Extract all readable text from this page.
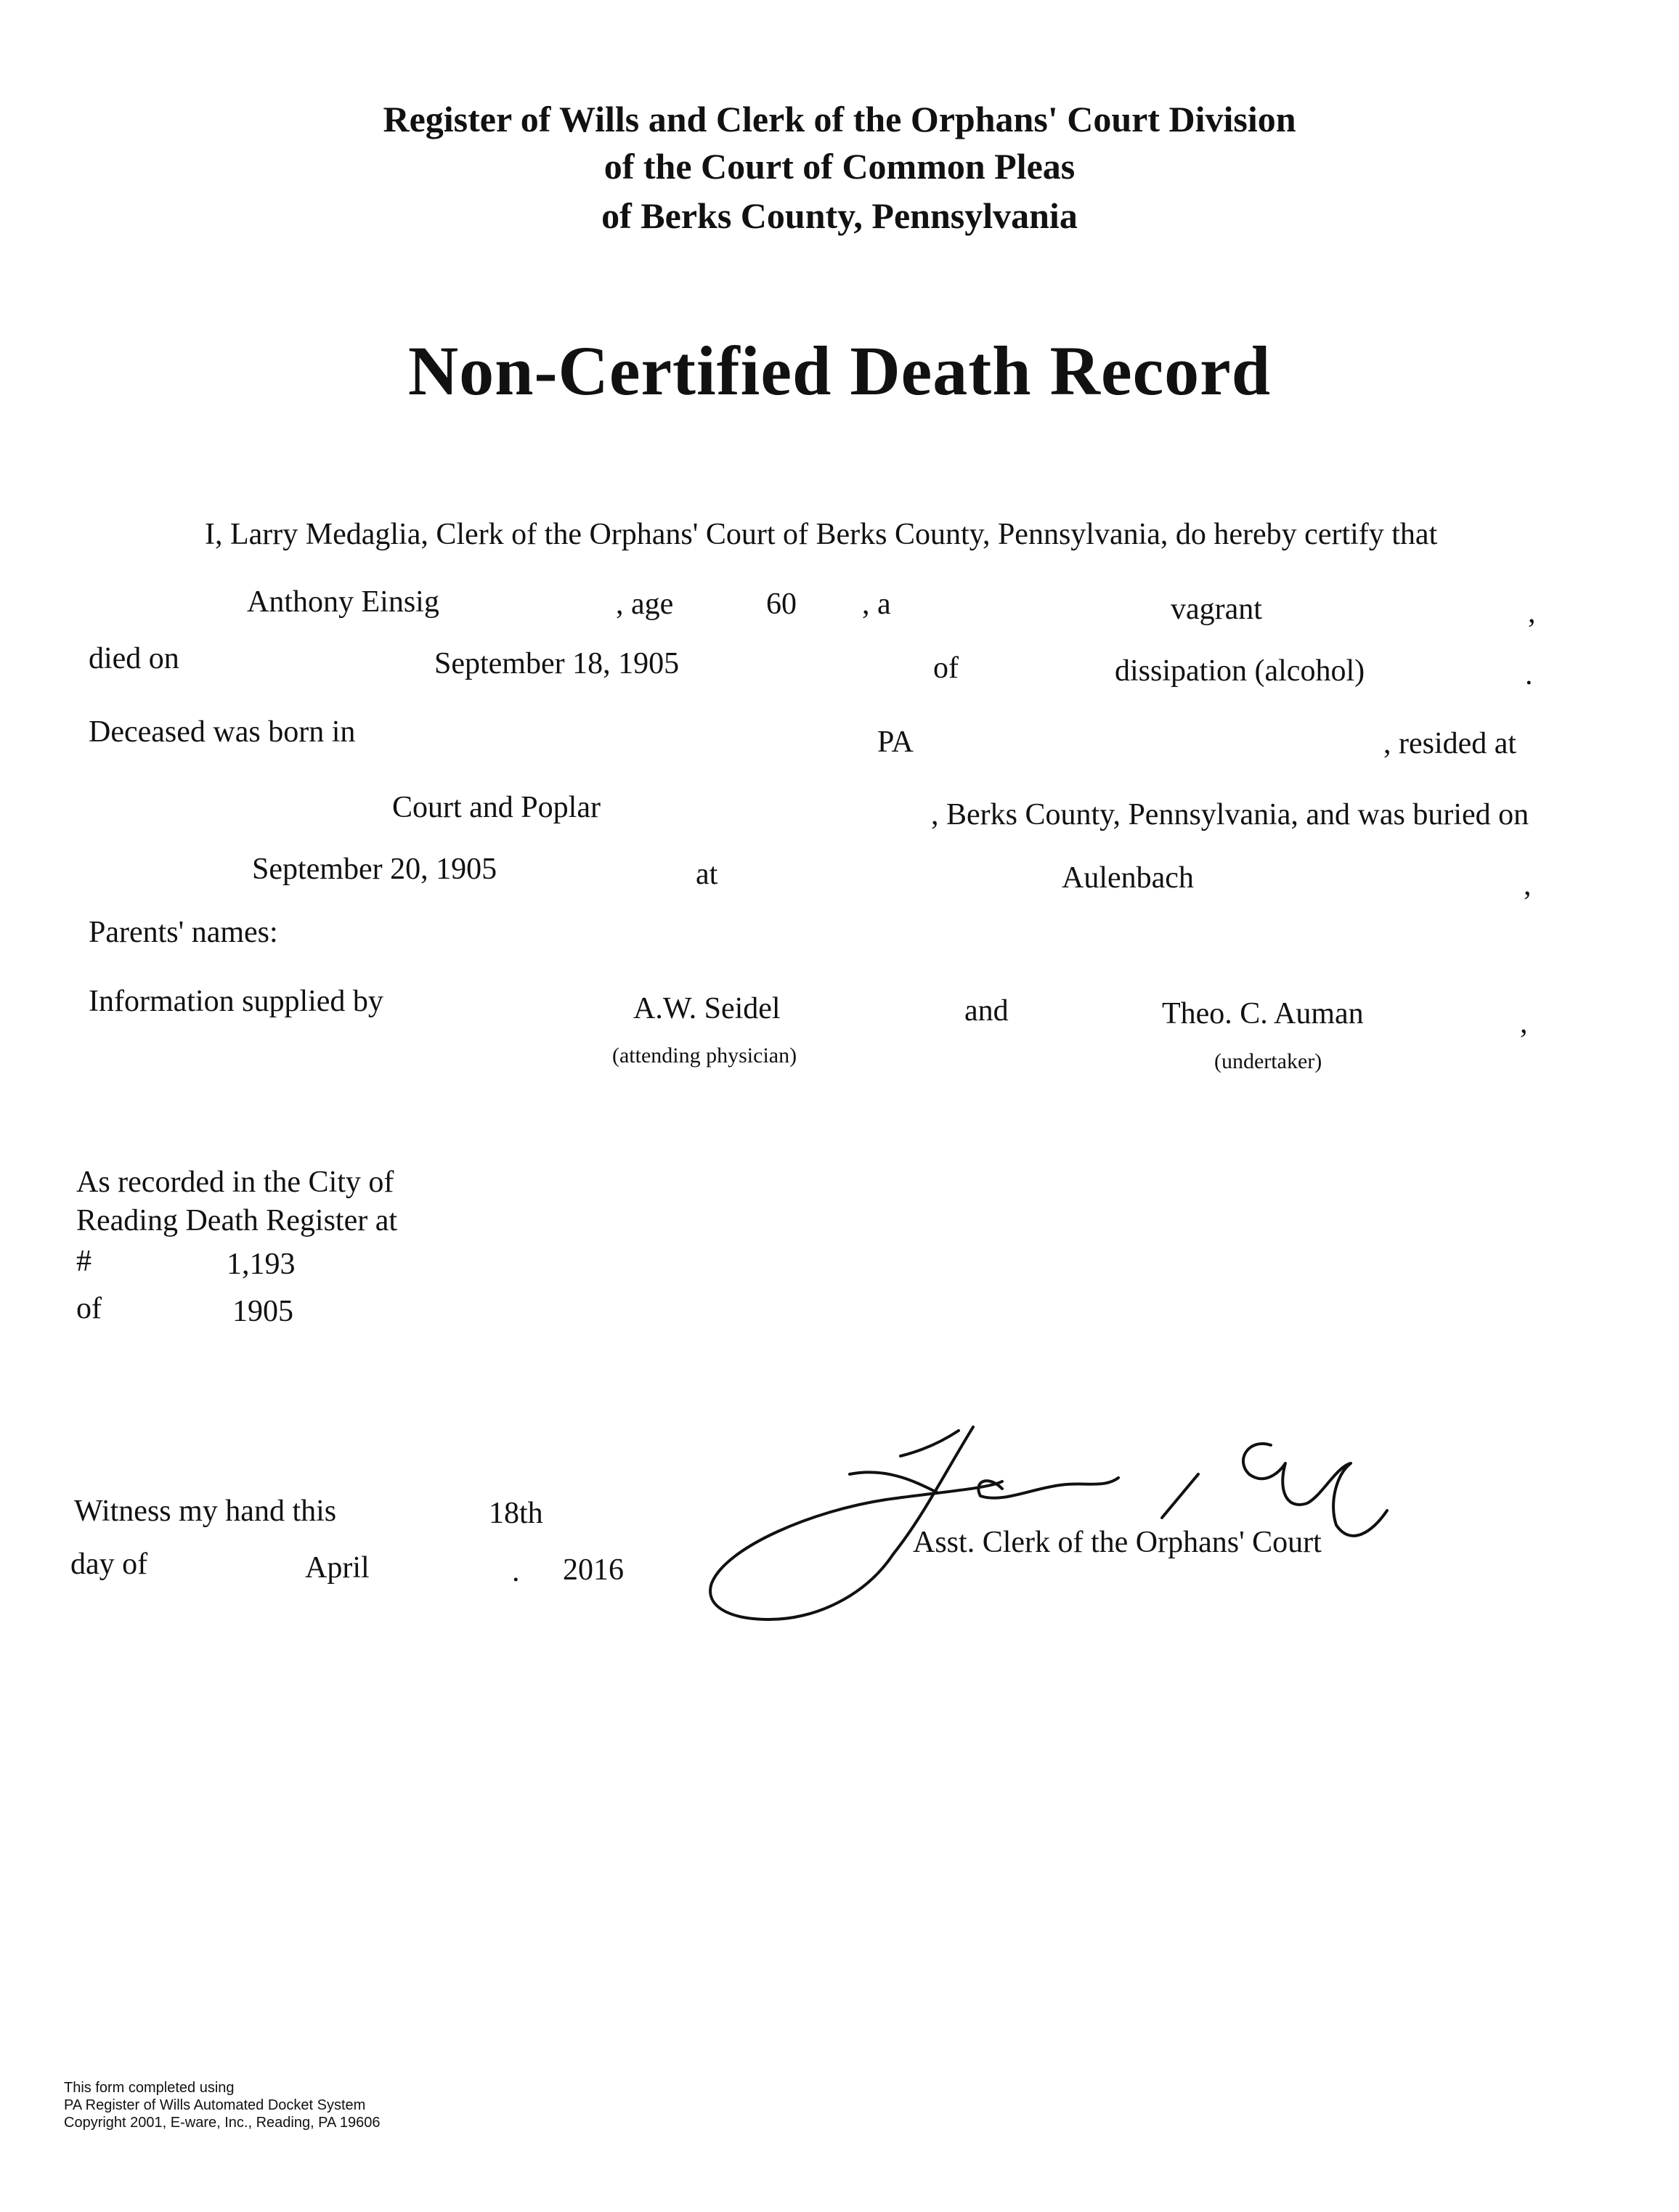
Register of Wills and Clerk of the Orphans' Court Division
of the Court of Common Pleas
of Berks County, Pennsylvania
Non-Certified Death Record
I, Larry Medaglia, Clerk of the Orphans' Court of Berks County, Pennsylvania, do hereby certify that
Anthony Einsig	, age	60 , a	vagrant	,
died on	September 18, 1905	of	dissipation (alcohol)	.
Deceased was born in	PA	, resided at
Court and Poplar	, Berks County, Pennsylvania, and was buried on
September 20, 1905	at	Aulenbach	,
Parents' names:
Information supplied by	A.W. Seidel
(attending physician)
and	Theo. C. Auman
(undertaker)
,
As recorded in the City of
Reading Death Register at
#	1,193
of	1905
Witness my hand this	18th
day of	April	. 2016
Asst. Clerk of the Orphans' Court
This form completed using
PA Register of Wills Automated Docket System
Copyright 2001, E-ware, Inc., Reading, PA 19606
